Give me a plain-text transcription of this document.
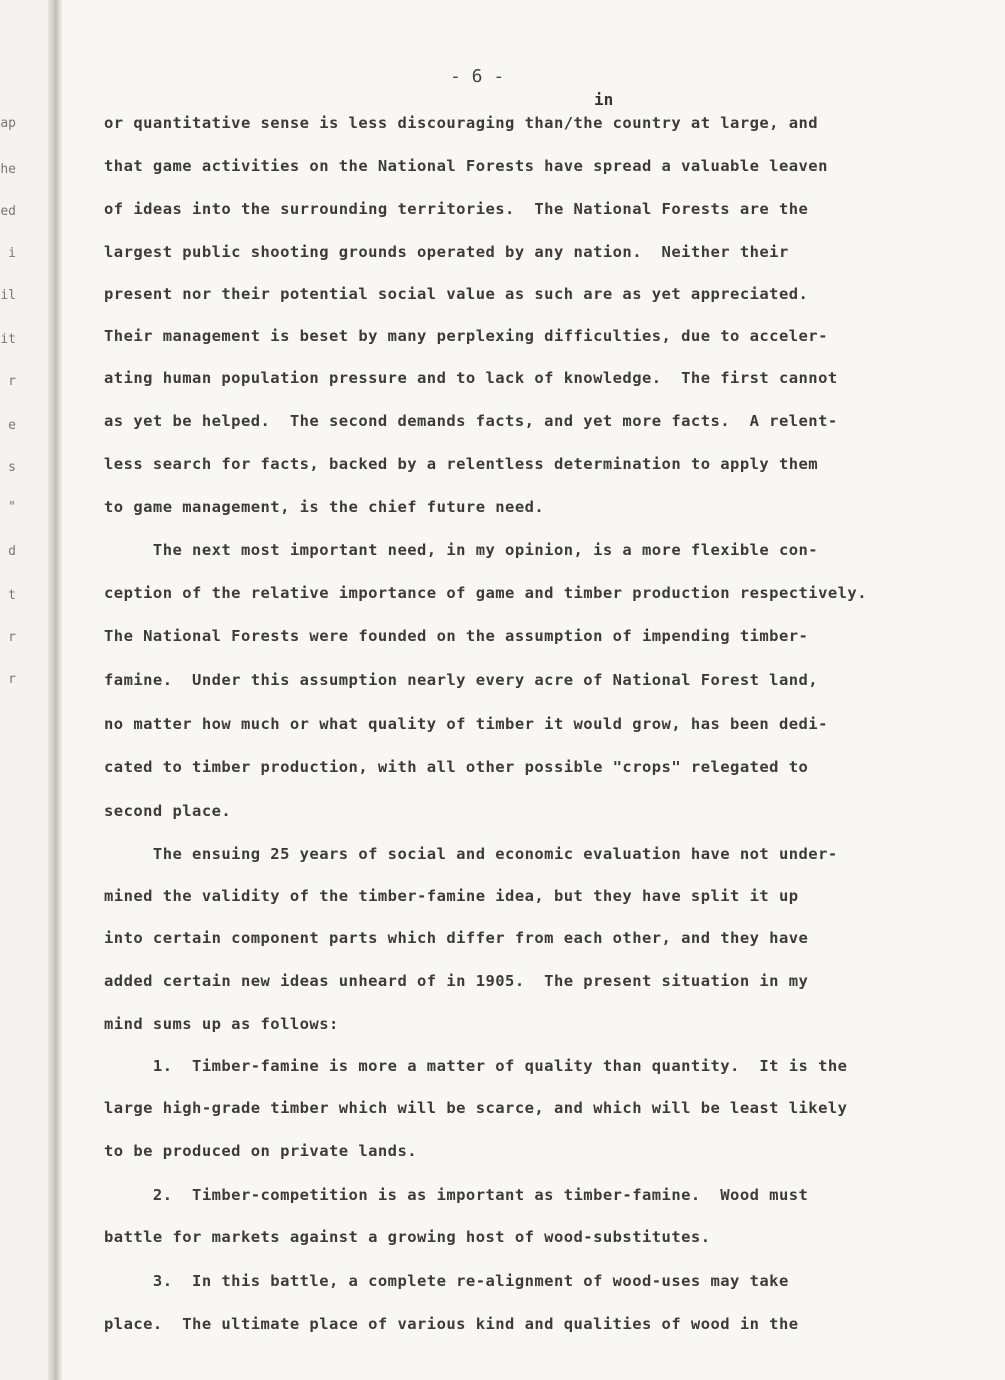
ap
he
ed
i
il
it
r
e
s
"
d
t
r
r
- 6 -
in
or quantitative sense is less discouraging than/the country at large, and
that game activities on the National Forests have spread a valuable leaven
of ideas into the surrounding territories.  The National Forests are the
largest public shooting grounds operated by any nation.  Neither their
present nor their potential social value as such are as yet appreciated.
Their management is beset by many perplexing difficulties, due to acceler-
ating human population pressure and to lack of knowledge.  The first cannot
as yet be helped.  The second demands facts, and yet more facts.  A relent-
less search for facts, backed by a relentless determination to apply them
to game management, is the chief future need.
The next most important need, in my opinion, is a more flexible con-
ception of the relative importance of game and timber production respectively.
The National Forests were founded on the assumption of impending timber-
famine.  Under this assumption nearly every acre of National Forest land,
no matter how much or what quality of timber it would grow, has been dedi-
cated to timber production, with all other possible "crops" relegated to
second place.
The ensuing 25 years of social and economic evaluation have not under-
mined the validity of the timber-famine idea, but they have split it up
into certain component parts which differ from each other, and they have
added certain new ideas unheard of in 1905.  The present situation in my
mind sums up as follows:
1.  Timber-famine is more a matter of quality than quantity.  It is the
large high-grade timber which will be scarce, and which will be least likely
to be produced on private lands.
2.  Timber-competition is as important as timber-famine.  Wood must
battle for markets against a growing host of wood-substitutes.
3.  In this battle, a complete re-alignment of wood-uses may take
place.  The ultimate place of various kind and qualities of wood in the
